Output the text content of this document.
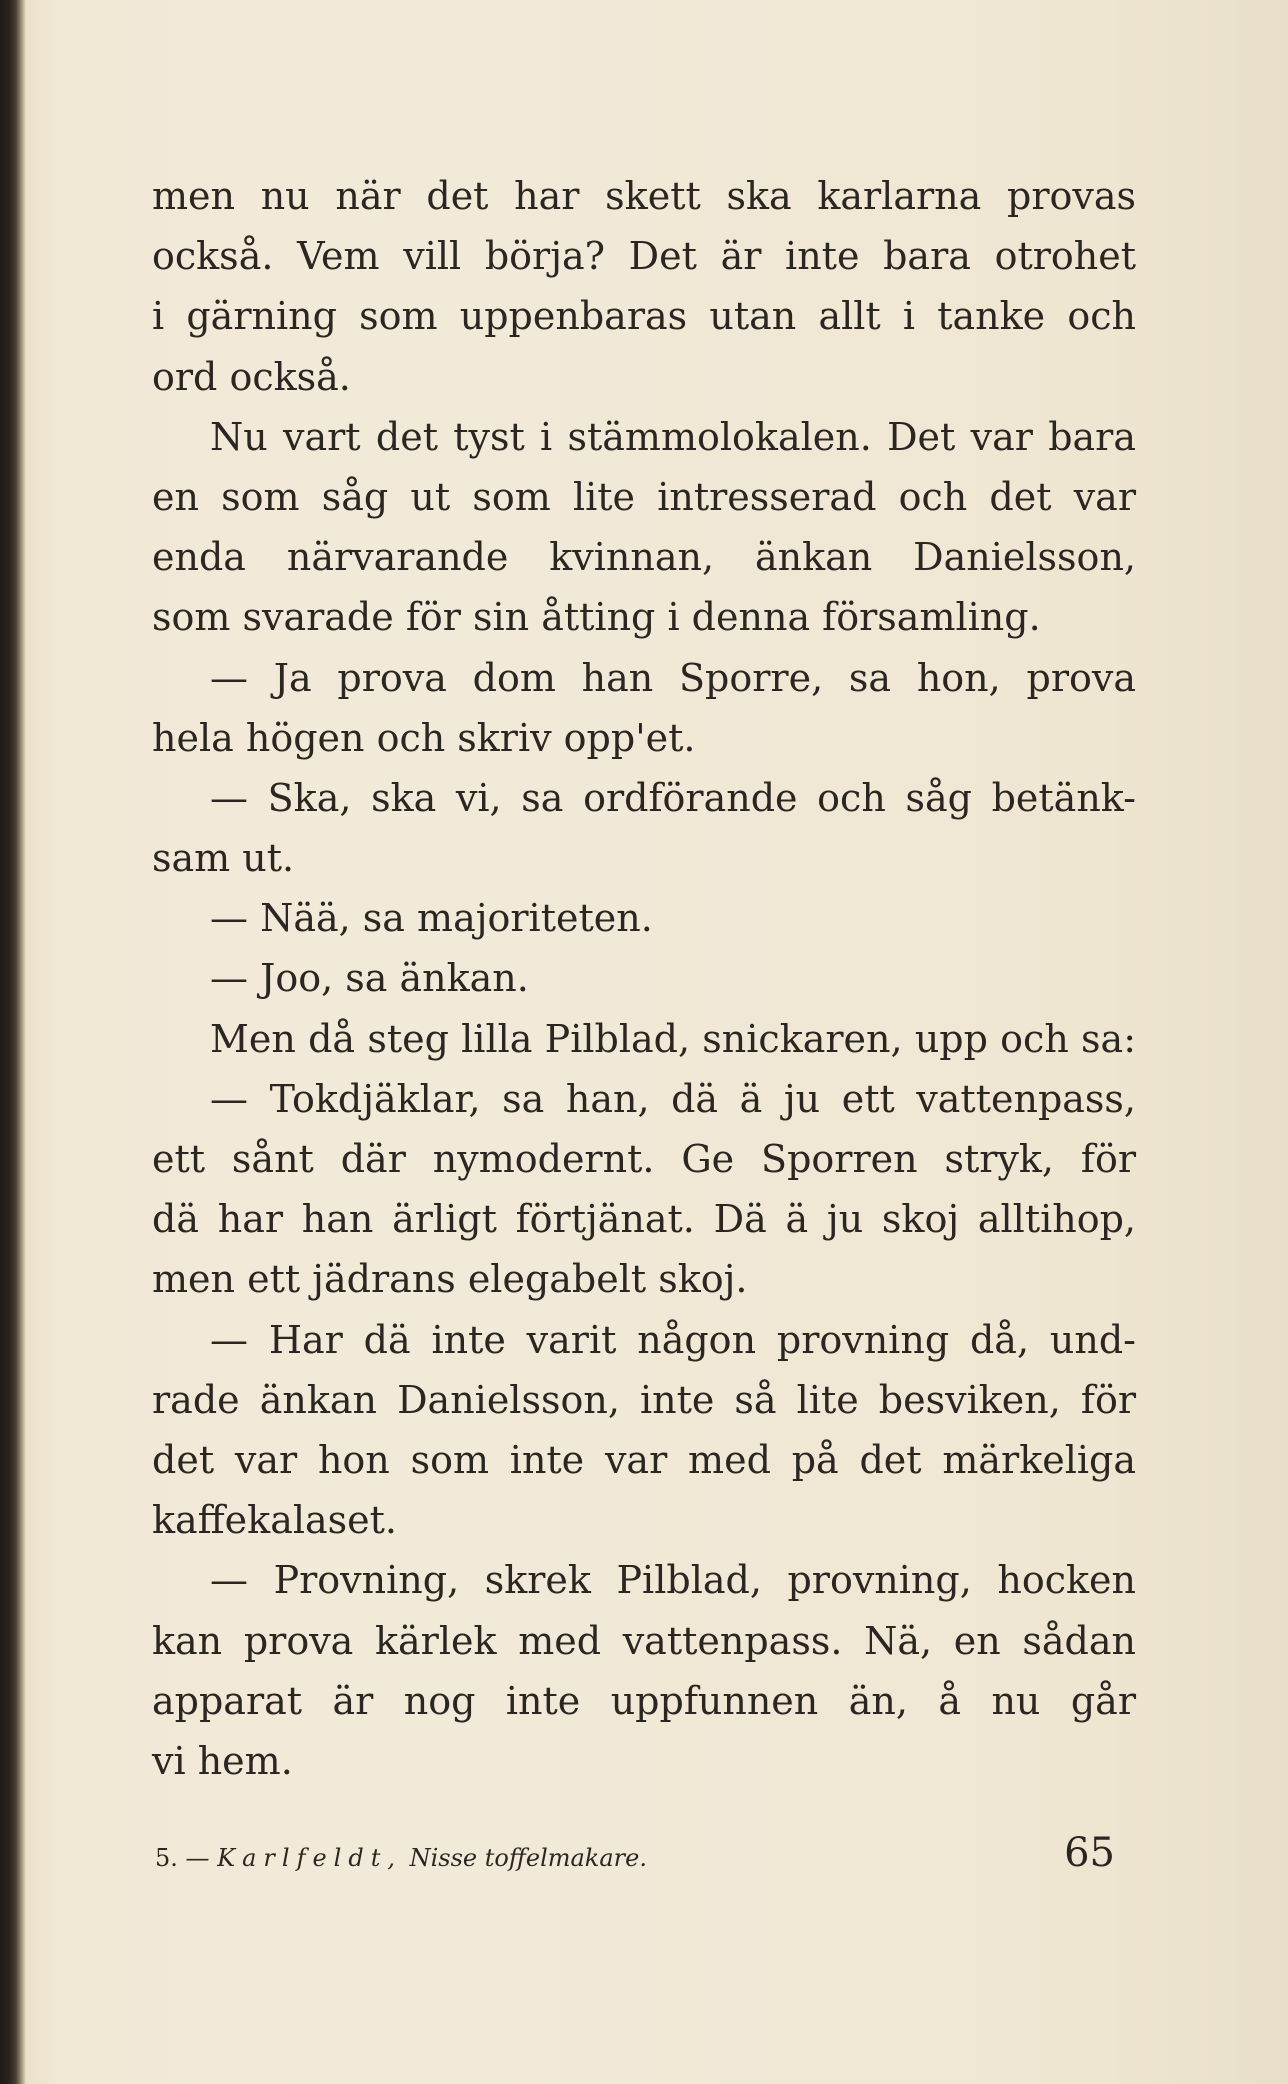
men nu när det har skett ska karlarna provas
också. Vem vill börja? Det är inte bara otrohet
i gärning som uppenbaras utan allt i tanke och
ord också.
Nu vart det tyst i stämmolokalen. Det var bara
en som såg ut som lite intresserad och det var
enda närvarande kvinnan, änkan Danielsson,
som svarade för sin åtting i denna församling.
— Ja prova dom han Sporre, sa hon, prova
hela högen och skriv opp'et.
— Ska, ska vi, sa ordförande och såg betänk-
sam ut.
— Nää, sa majoriteten.
— Joo, sa änkan.
Men då steg lilla Pilblad, snickaren, upp och sa:
— Tokdjäklar, sa han, dä ä ju ett vattenpass,
ett sånt där nymodernt. Ge Sporren stryk, för
dä har han ärligt förtjänat. Dä ä ju skoj alltihop,
men ett jädrans elegabelt skoj.
— Har dä inte varit någon provning då, und-
rade änkan Danielsson, inte så lite besviken, för
det var hon som inte var med på det märkeliga
kaffekalaset.
— Provning, skrek Pilblad, provning, hocken
kan prova kärlek med vattenpass. Nä, en sådan
apparat är nog inte uppfunnen än, å nu går
vi hem.
5. — Karlfeldt, Nisse toffelmakare.	65
